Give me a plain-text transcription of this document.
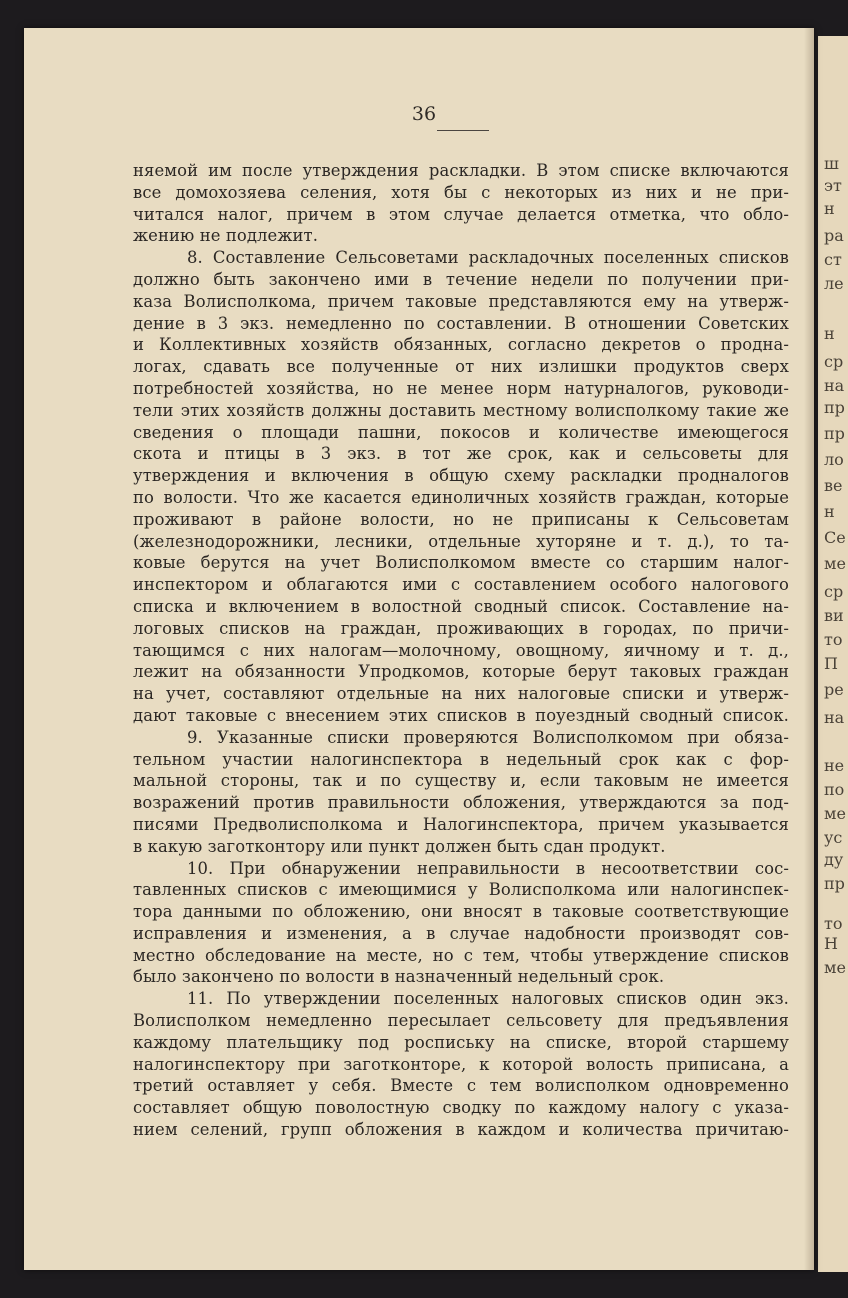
ш
эт
н
ра
ст
ле
н
ср
на
пр
пр
ло
ве
н
Се
ме
ср
ви
то
П
ре
на
не
по
ме
ус
ду
пр
то
Н
ме
36
няемой им после утверждения раскладки. В этом списке включаются
все домохозяева селения, хотя бы с некоторых из них и не при-
читался налог, причем в этом случае делается отметка, что обло-
жению не подлежит.
8. Составление Сельсоветами раскладочных поселенных списков
должно быть закончено ими в течение недели по получении при-
каза Волисполкома, причем таковые представляются ему на утверж-
дение в 3 экз. немедленно по составлении. В отношении Советских
и Коллективных хозяйств обязанных, согласно декретов о продна-
логах, сдавать все полученные от них излишки продуктов сверх
потребностей хозяйства, но не менее норм натурналогов, руководи-
тели этих хозяйств должны доставить местному волисполкому такие же
сведения о площади пашни, покосов и количестве имеющегося
скота и птицы в 3 экз. в тот же срок, как и сельсоветы для
утверждения и включения в общую схему раскладки продналогов
по волости. Что же касается единоличных хозяйств граждан, которые
проживают в районе волости, но не приписаны к Сельсоветам
(железнодорожники, лесники, отдельные хуторяне и т. д.), то та-
ковые берутся на учет Волисполкомом вместе со старшим налог-
инспектором и облагаются ими с составлением особого налогового
списка и включением в волостной сводный список. Составление на-
логовых списков на граждан, проживающих в городах, по причи-
тающимся с них налогам—молочному, овощному, яичному и т. д.,
лежит на обязанности Упродкомов, которые берут таковых граждан
на учет, составляют отдельные на них налоговые списки и утверж-
дают таковые с внесением этих списков в поуездный сводный список.
9. Указанные списки проверяются Волисполкомом при обяза-
тельном участии налогинспектора в недельный срок как с фор-
мальной стороны, так и по существу и, если таковым не имеется
возражений против правильности обложения, утверждаются за под-
писями Предволисполкома и Налогинспектора, причем указывается
в какую заготконтору или пункт должен быть сдан продукт.
10. При обнаружении неправильности в несоответствии сос-
тавленных списков с имеющимися у Волисполкома или налогинспек-
тора данными по обложению, они вносят в таковые соответствующие
исправления и изменения, а в случае надобности производят сов-
местно обследование на месте, но с тем, чтобы утверждение списков
было закончено по волости в назначенный недельный срок.
11. По утверждении поселенных налоговых списков один экз.
Волисполком немедленно пересылает сельсовету для предъявления
каждому плательщику под роспиську на списке, второй старшему
налогинспектору при заготконторе, к которой волость приписана, а
третий оставляет у себя. Вместе с тем волисполком одновременно
составляет общую поволостную сводку по каждому налогу с указа-
нием селений, групп обложения в каждом и количества причитаю-
